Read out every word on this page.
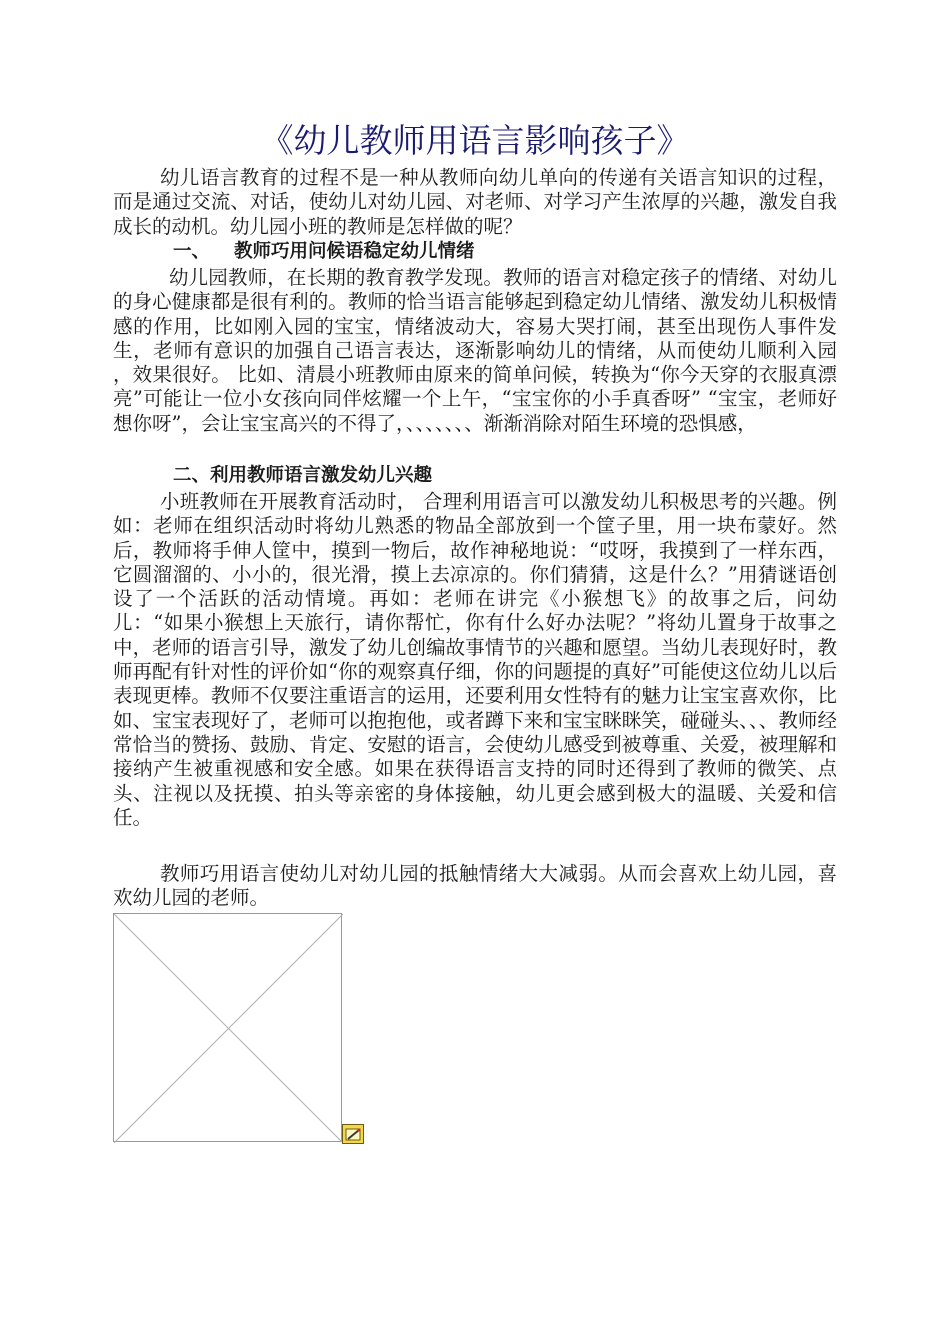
《幼儿教师用语言影响孩子》
幼儿语言教育的过程不是一种从教师向幼儿单向的传递有关语言知识的过程，而是通过交流、对话，使幼儿对幼儿园、对老师、对学习产生浓厚的兴趣，激发自我成长的动机。幼儿园小班的教师是怎样做的呢？
一、 教师巧用问候语稳定幼儿情绪
幼儿园教师，在长期的教育教学发现。教师的语言对稳定孩子的情绪、对幼儿的身心健康都是很有利的。教师的恰当语言能够起到稳定幼儿情绪、激发幼儿积极情感的作用，比如刚入园的宝宝，情绪波动大，容易大哭打闹，甚至出现伤人事件发生，老师有意识的加强自己语言表达，逐渐影响幼儿的情绪，从而使幼儿顺利入园 ，效果很好。 比如、清晨小班教师由原来的简单问候，转换为“你今天穿的衣服真漂亮”可能让一位小女孩向同伴炫耀一个上午，“宝宝你的小手真香呀” “宝宝，老师好想你呀”，会让宝宝高兴的不得了，、、、、、、、渐渐消除对陌生环境的恐惧感，
二、利用教师语言激发幼儿兴趣
小班教师在开展教育活动时， 合理利用语言可以激发幼儿积极思考的兴趣。例如：老师在组织活动时将幼儿熟悉的物品全部放到一个筐子里，用一块布蒙好。然后，教师将手伸人筐中，摸到一物后，故作神秘地说：“哎呀，我摸到了一样东西，它圆溜溜的、小小的，很光滑，摸上去凉凉的。你们猜猜，这是什么？”用猜谜语创设了一个活跃的活动情境。再如：老师在讲完《小猴想飞》的故事之后，问幼儿：“如果小猴想上天旅行，请你帮忙，你有什么好办法呢？”将幼儿置身于故事之中，老师的语言引导，激发了幼儿创编故事情节的兴趣和愿望。当幼儿表现好时，教师再配有针对性的评价如“你的观察真仔细，你的问题提的真好”可能使这位幼儿以后表现更棒。教师不仅要注重语言的运用，还要利用女性特有的魅力让宝宝喜欢你，比如、宝宝表现好了，老师可以抱抱他，或者蹲下来和宝宝眯眯笑，碰碰头、、、教师经常恰当的赞扬、鼓励、肯定、安慰的语言，会使幼儿感受到被尊重、关爱，被理解和接纳产生被重视感和安全感。如果在获得语言支持的同时还得到了教师的微笑、点头、注视以及抚摸、拍头等亲密的身体接触，幼儿更会感到极大的温暖、关爱和信任。
教师巧用语言使幼儿对幼儿园的抵触情绪大大减弱。从而会喜欢上幼儿园，喜欢幼儿园的老师。
